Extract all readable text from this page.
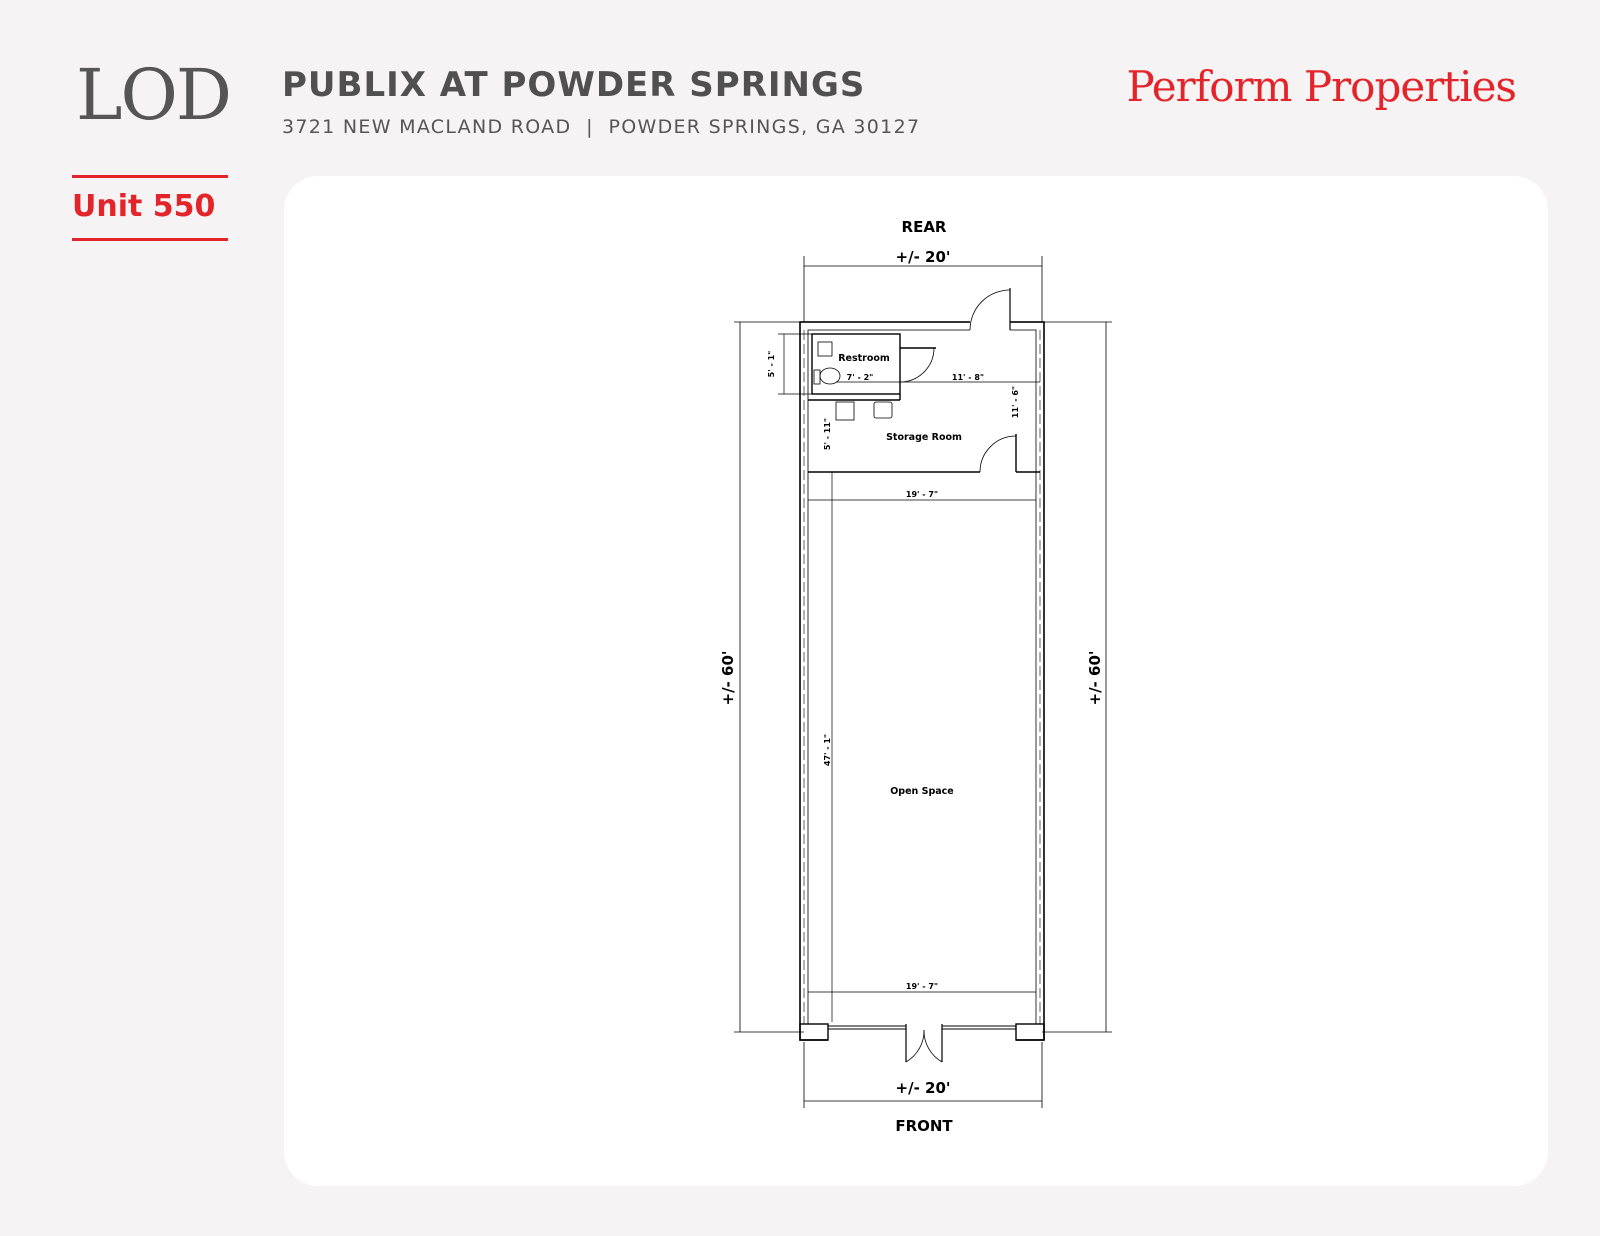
LOD PUBLIX AT POWDER SPRINGS
3721 NEW MACLAND ROAD  |  POWDER SPRINGS, GA 30127
Perform Properties
Unit 550
REAR
FRONT
+/- 20'
+/- 20'
+/- 60'	+/- 60'
Restroom
5' - 1"
7' - 2"	11' - 8"
11' - 6"
Storage Room
5' - 11"
19' - 7"
19' - 7"
47' - 1"
Open Space
